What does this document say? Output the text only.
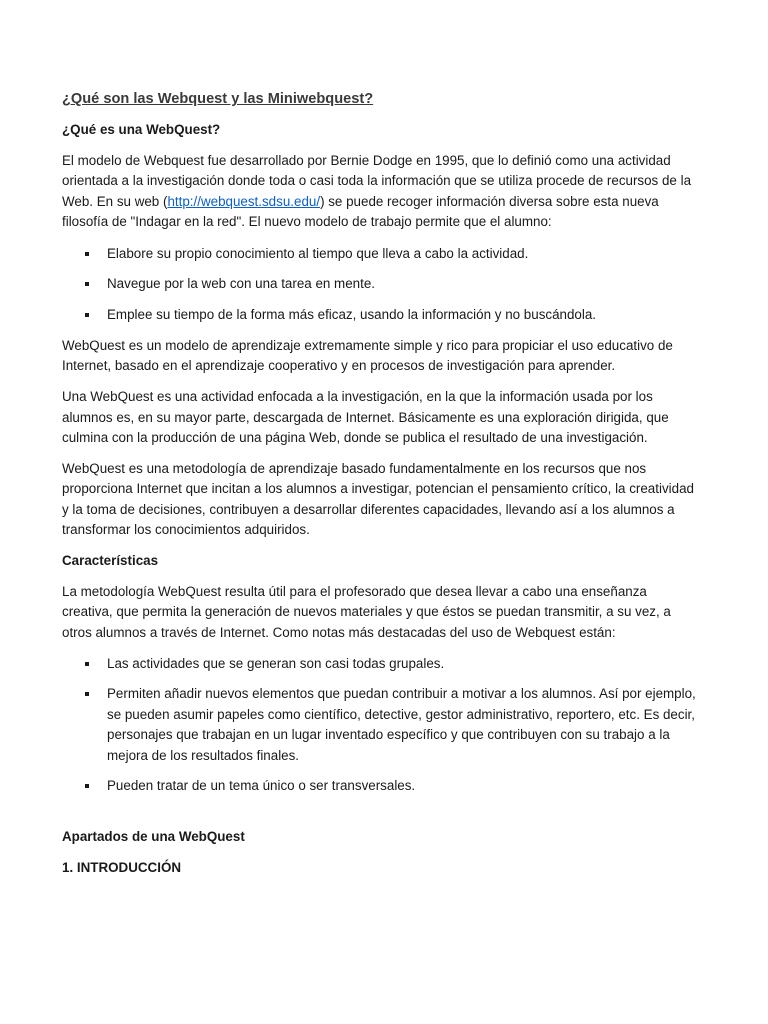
¿Qué son las Webquest y las Miniwebquest?
¿Qué es una WebQuest?

El modelo de Webquest fue desarrollado por Bernie Dodge en 1995, que lo definió como una actividad orientada a la investigación donde toda o casi toda la información que se utiliza procede de recursos de la Web. En su web (http://webquest.sdsu.edu/) se puede recoger información diversa sobre esta nueva filosofía de "Indagar en la red". El nuevo modelo de trabajo permite que el alumno:

Elabore su propio conocimiento al tiempo que lleva a cabo la actividad.
Navegue por la web con una tarea en mente.
Emplee su tiempo de la forma más eficaz, usando la información y no buscándola.

WebQuest es un modelo de aprendizaje extremamente simple y rico para propiciar el uso educativo de Internet, basado en el aprendizaje cooperativo y en procesos de investigación para aprender.

Una WebQuest es una actividad enfocada a la investigación, en la que la información usada por los alumnos es, en su mayor parte, descargada de Internet. Básicamente es una exploración dirigida, que culmina con la producción de una página Web, donde se publica el resultado de una investigación.

WebQuest es una metodología de aprendizaje basado fundamentalmente en los recursos que nos proporciona Internet que incitan a los alumnos a investigar, potencian el pensamiento crítico, la creatividad y la toma de decisiones, contribuyen a desarrollar diferentes capacidades, llevando así a los alumnos a transformar los conocimientos adquiridos.

Características

La metodología WebQuest resulta útil para el profesorado que desea llevar a cabo una enseñanza creativa, que permita la generación de nuevos materiales y que éstos se puedan transmitir, a su vez, a otros alumnos a través de Internet. Como notas más destacadas del uso de Webquest están:

Las actividades que se generan son casi todas grupales.
Permiten añadir nuevos elementos que puedan contribuir a motivar a los alumnos. Así por ejemplo, se pueden asumir papeles como científico, detective, gestor administrativo, reportero, etc. Es decir, personajes que trabajan en un lugar inventado específico y que contribuyen con su trabajo a la mejora de los resultados finales.
Pueden tratar de un tema único o ser transversales.
Apartados de una WebQuest
1. INTRODUCCIÓN
